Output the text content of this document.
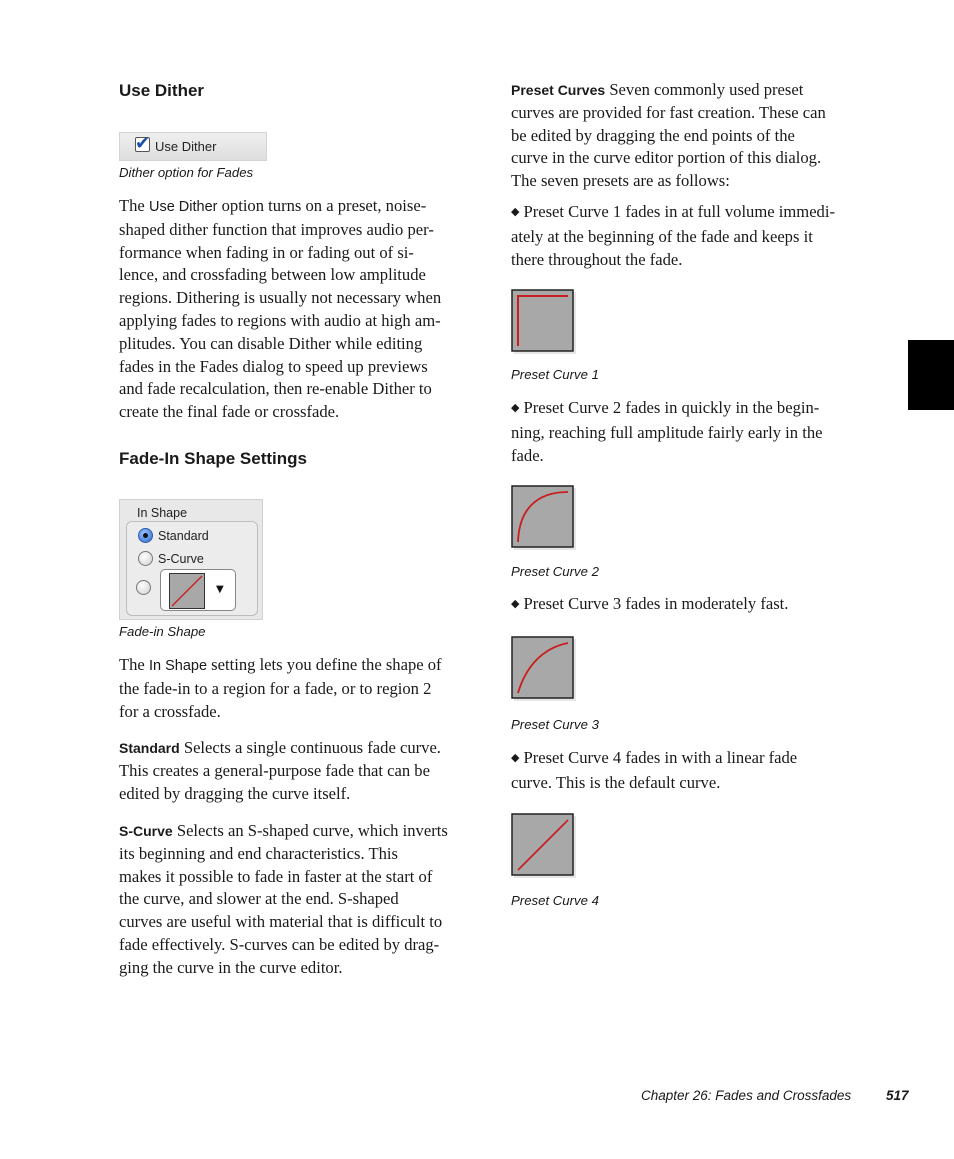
Use Dither
✔ Use Dither

Dither option for Fades

The Use Dither option turns on a preset, noise-
shaped dither function that improves audio per-
formance when fading in or fading out of si-
lence, and crossfading between low amplitude
regions. Dithering is usually not necessary when
applying fades to regions with audio at high am-
plitudes. You can disable Dither while editing
fades in the Fades dialog to speed up previews
and fade recalculation, then re-enable Dither to
create the final fade or crossfade.

Fade-In Shape Settings
In Shape
Standard
S-Curve
▼

Fade-in Shape

The In Shape setting lets you define the shape of
the fade-in to a region for a fade, or to region 2
for a crossfade.

Standard Selects a single continuous fade curve.
This creates a general-purpose fade that can be
edited by dragging the curve itself.

S-Curve Selects an S-shaped curve, which inverts
its beginning and end characteristics. This
makes it possible to fade in faster at the start of
the curve, and slower at the end. S-shaped
curves are useful with material that is difficult to
fade effectively. S-curves can be edited by drag-
ging the curve in the curve editor.

Preset Curves Seven commonly used preset
curves are provided for fast creation. These can
be edited by dragging the end points of the
curve in the curve editor portion of this dialog.
The seven presets are as follows:

◆ Preset Curve 1 fades in at full volume immedi-
ately at the beginning of the fade and keeps it
there throughout the fade.

Preset Curve 1

◆ Preset Curve 2 fades in quickly in the begin-
ning, reaching full amplitude fairly early in the
fade.

Preset Curve 2

◆ Preset Curve 3 fades in moderately fast.

Preset Curve 3

◆ Preset Curve 4 fades in with a linear fade
curve. This is the default curve.

Preset Curve 4

Chapter 26: Fades and Crossfades	517
